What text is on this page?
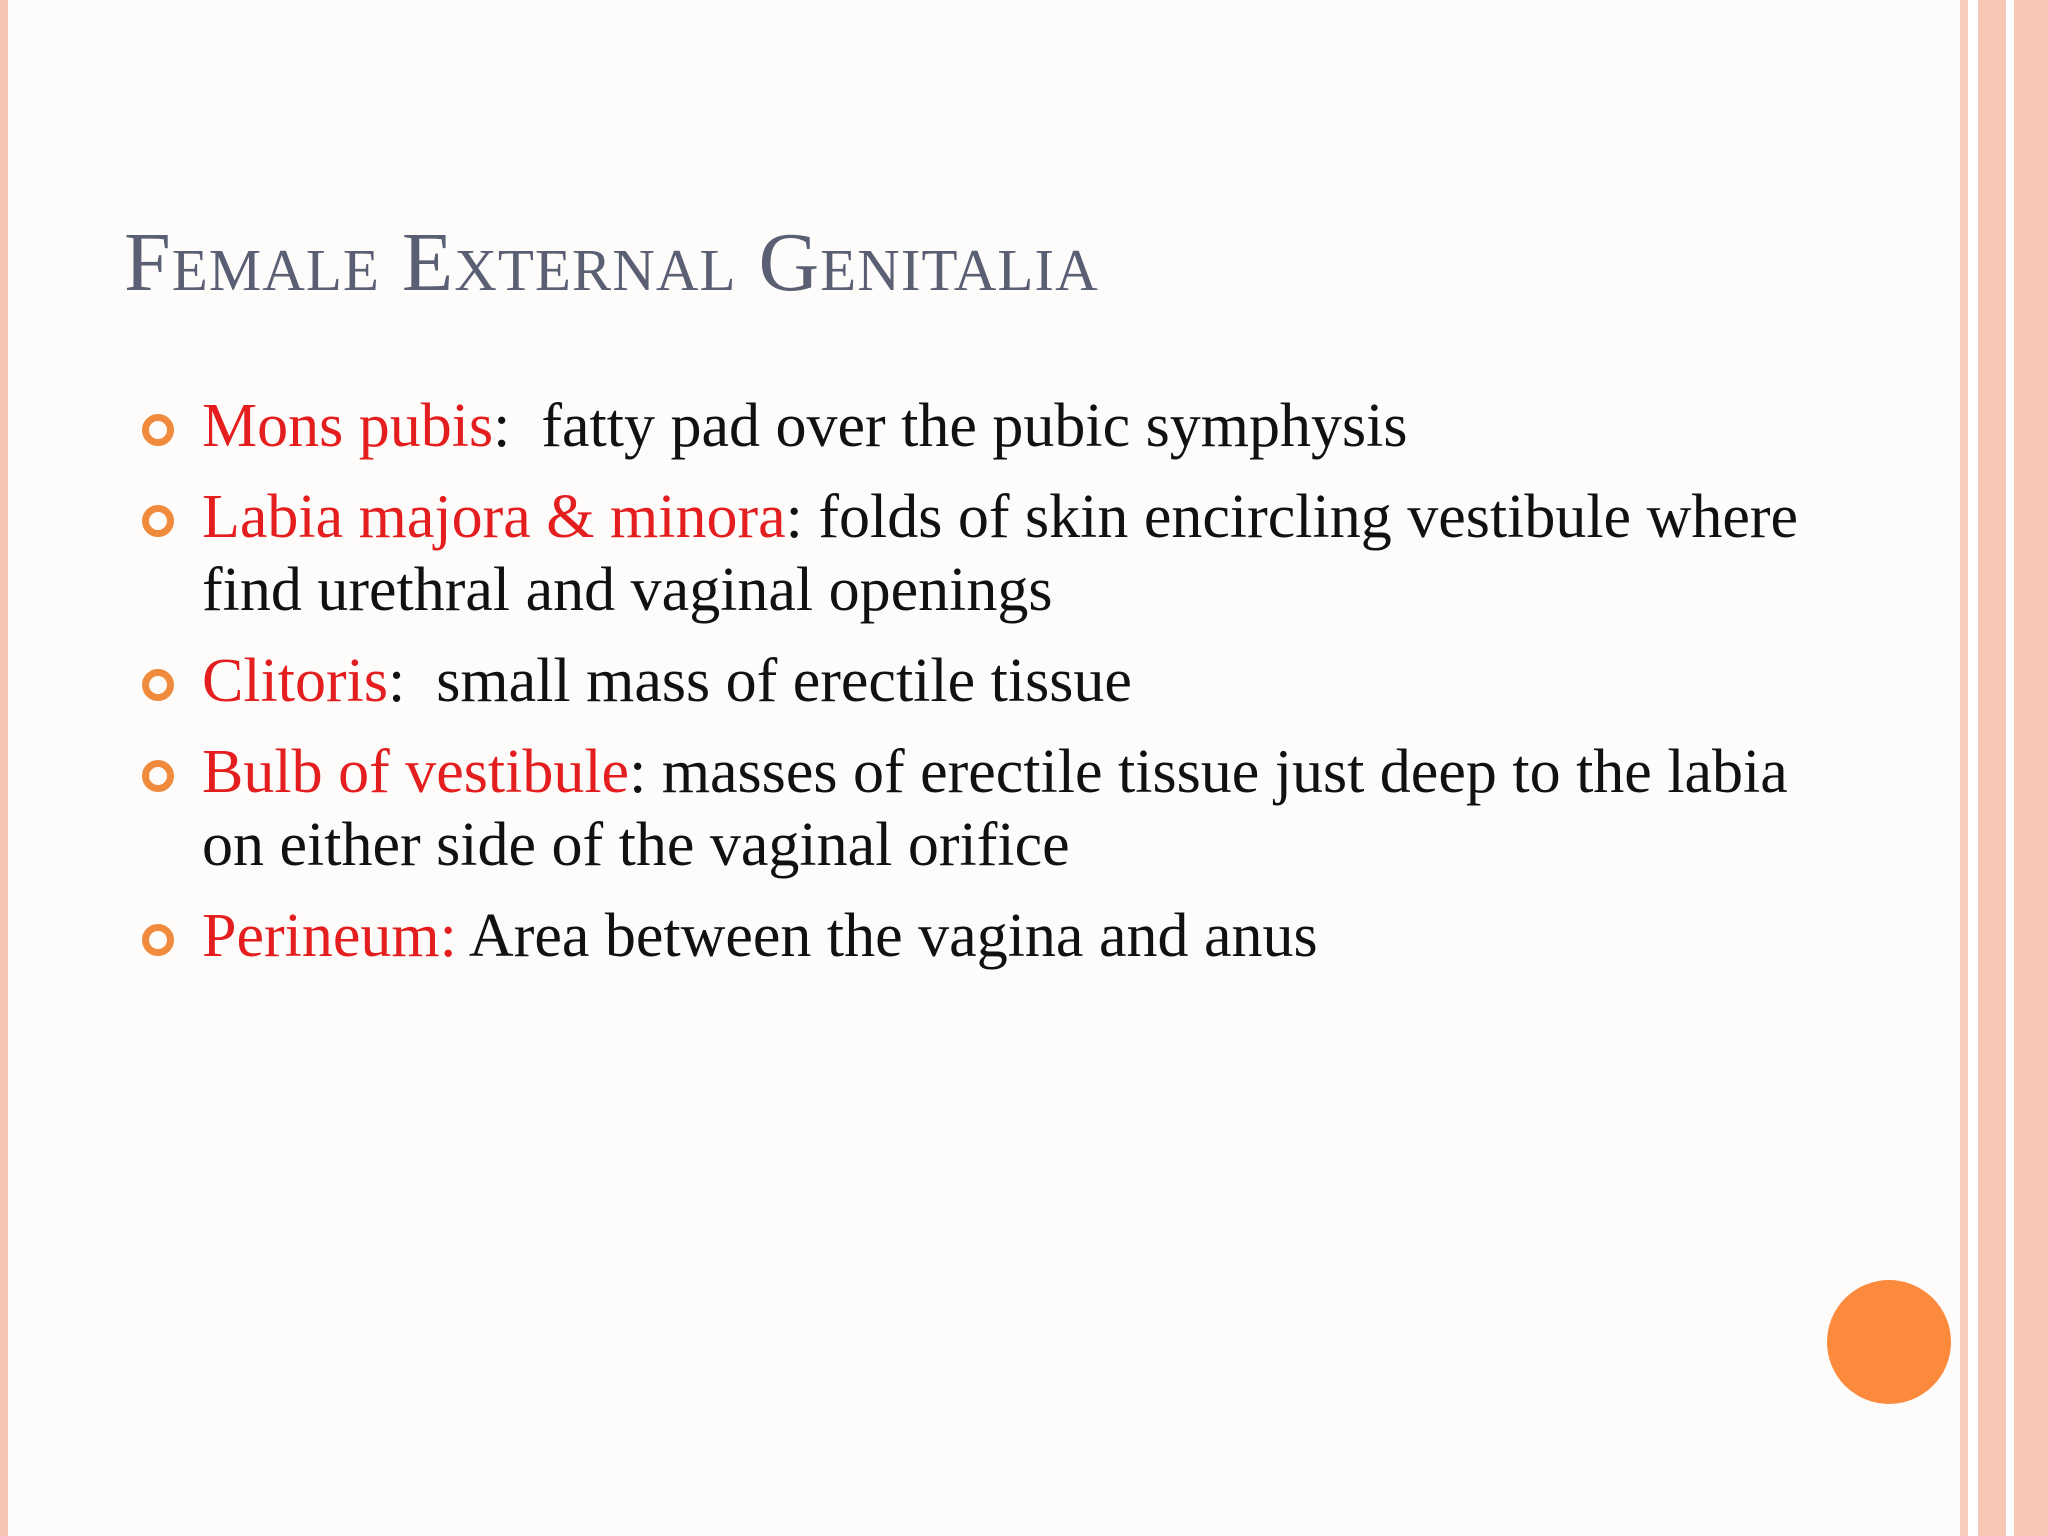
Female External Genitalia
Mons pubis:  fatty pad over the pubic symphysis
Labia majora & minora: folds of skin encircling vestibule where find urethral and vaginal openings
Clitoris:  small mass of erectile tissue
Bulb of vestibule: masses of erectile tissue just deep to the labia on either side of the vaginal orifice
Perineum: Area between the vagina and anus
